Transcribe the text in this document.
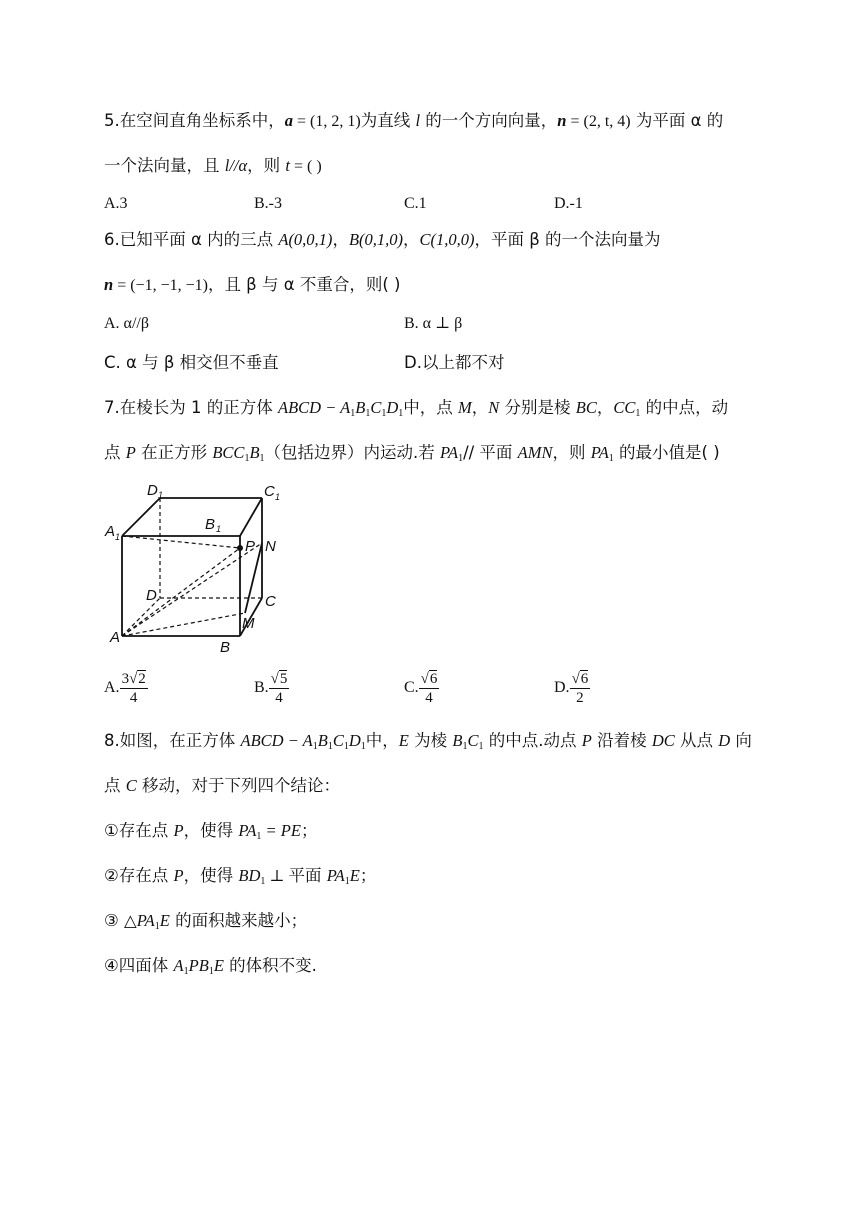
5.在空间直角坐标系中，a = (1, 2, 1)为直线 l 的一个方向向量，n = (2, t, 4) 为平面 α 的
一个法向量，且 l//α，则 t = ( )
A.3	B.-3	C.1	D.-1
6.已知平面 α 内的三点 A(0,0,1)，B(0,1,0)，C(1,0,0)，平面 β 的一个法向量为
n = (−1, −1, −1)，且 β 与 α 不重合，则( )
A. α//β	B. α ⊥ β
C. α 与 β 相交但不垂直	D.以上都不对
7.在棱长为 1 的正方体 ABCD − $A_1B_1C_1D_1$中，点 M，N 分别是棱 BC，$CC_1$ 的中点，动
点 P 在正方形 $BCC_1B_1$（包括边界）内运动.若 $PA_1//$ 平面 AMN，则 $PA_1$ 的最小值是( )
D 1	C 1
A 1
B 1
P N
D	C
A
M
B
A. $\frac{3√2}{4}$	B. $\frac{√5}{4}$	C. $\frac{√6}{4}$	D. $\frac{√6}{2}$
8.如图，在正方体 ABCD − $A_1B_1C_1D_1$中，E 为棱 $B_1C_1$ 的中点.动点 P 沿着棱 DC 从点 D 向
点 C 移动，对于下列四个结论：
①存在点 P，使得 $PA_1$ = PE；
②存在点 P，使得 $BD_1$ ⊥ 平面 $PA_1E$；
③ $\triangle PA_1E$ 的面积越来越小；
④四面体 $A_1PB_1E$ 的体积不变.
